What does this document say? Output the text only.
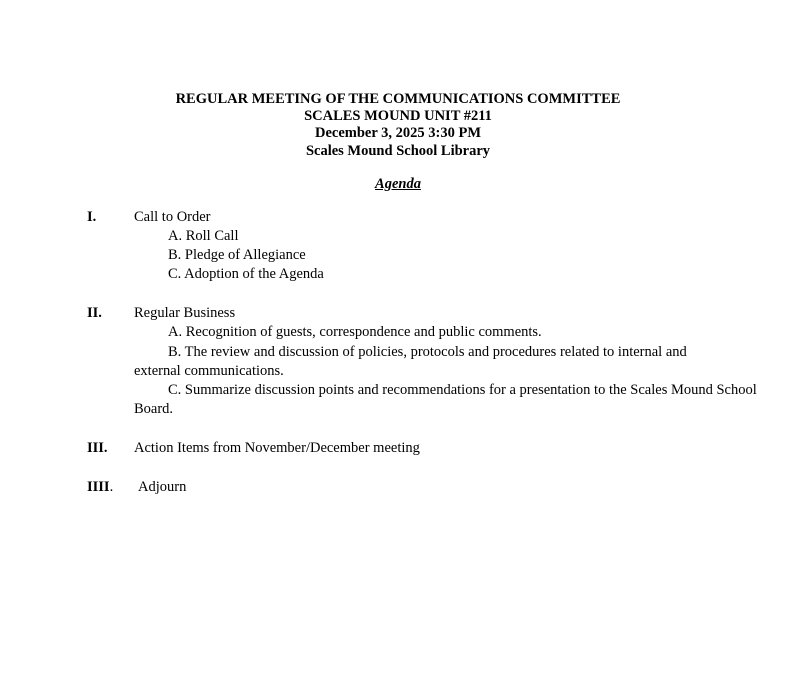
REGULAR MEETING OF THE COMMUNICATIONS COMMITTEE
SCALES MOUND UNIT #211
December 3, 2025 3:30 PM
Scales Mound School Library
Agenda
I.	Call to Order
A. Roll Call
B. Pledge of Allegiance
C. Adoption of the Agenda
II. Regular Business
A. Recognition of guests, correspondence and public comments.
B. The review and discussion of policies, protocols and procedures related to internal and
external communications.
C. Summarize discussion points and recommendations for a presentation to the Scales Mound School
Board.
III. Action Items from November/December meeting
IIII. Adjourn
